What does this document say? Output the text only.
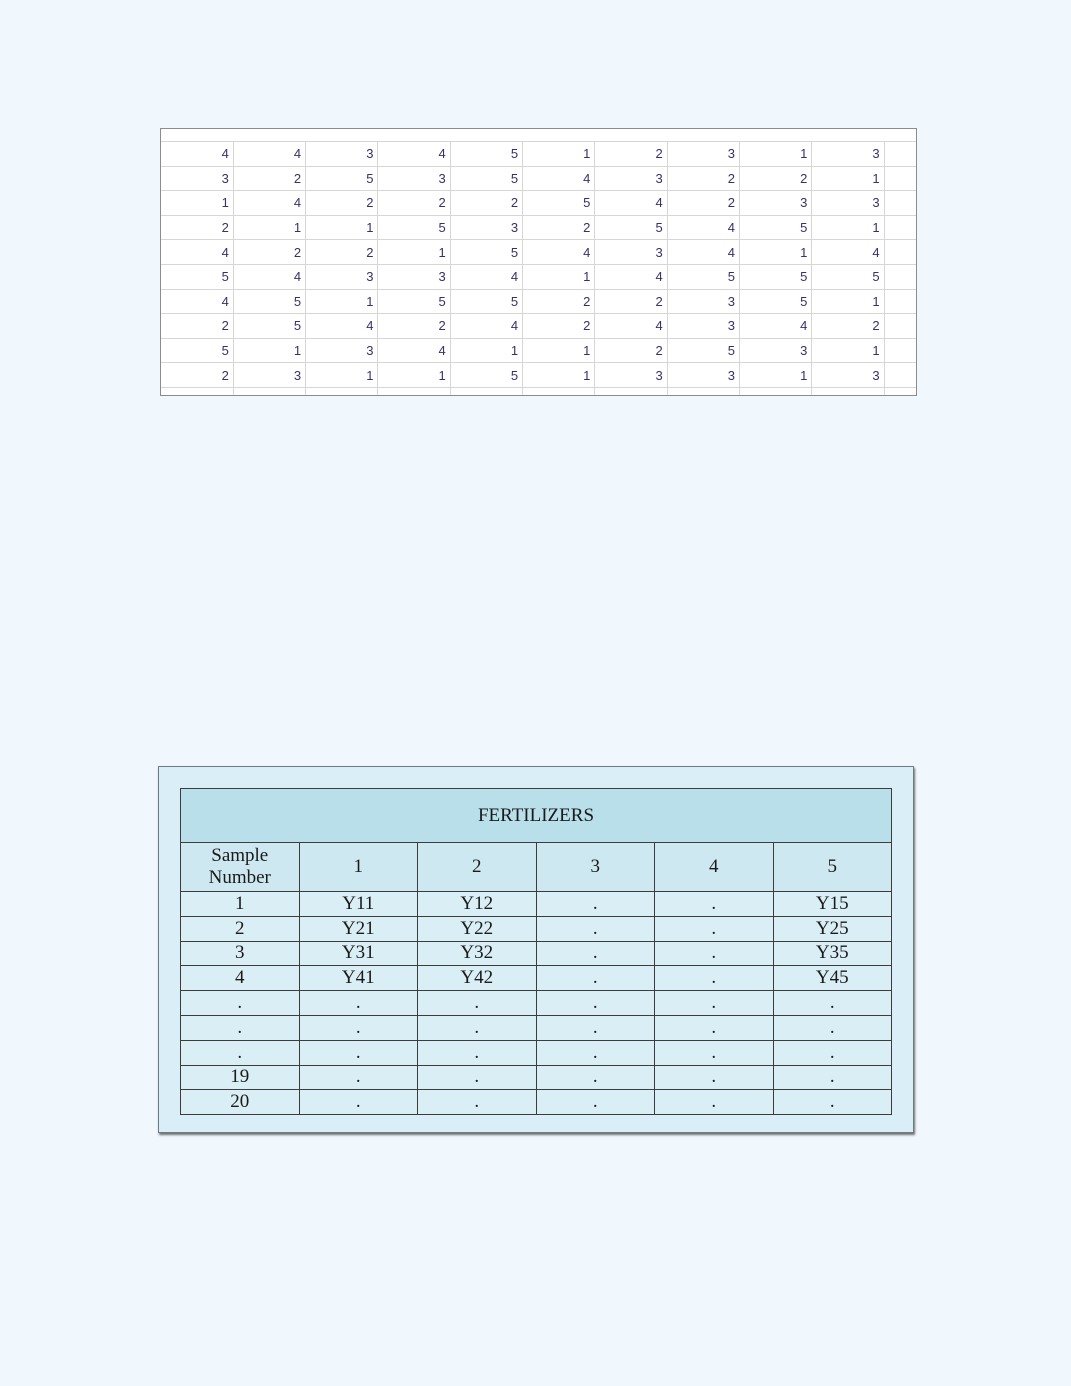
4	4	3	4	5	1	2	3	1	3	
3	2	5	3	5	4	3	2	2	1	
1	4	2	2	2	5	4	2	3	3	
2	1	1	5	3	2	5	4	5	1	
4	2	2	1	5	4	3	4	1	4	
5	4	3	3	4	1	4	5	5	5	
4	5	1	5	5	2	2	3	5	1	
2	5	4	2	4	2	4	3	4	2	
5	1	3	4	1	1	2	5	3	1	
2	3	1	1	5	1	3	3	1	3	

FERTILIZERS					
Sample
Number	1	2	3	4	5
1	Y11	Y12	.	.	Y15
2	Y21	Y22	.	.	Y25
3	Y31	Y32	.	.	Y35
4	Y41	Y42	.	.	Y45
.	.	.	.	.	.
.	.	.	.	.	.
.	.	.	.	.	.
19	.	.	.	.	.
20	.	.	.	.	.
